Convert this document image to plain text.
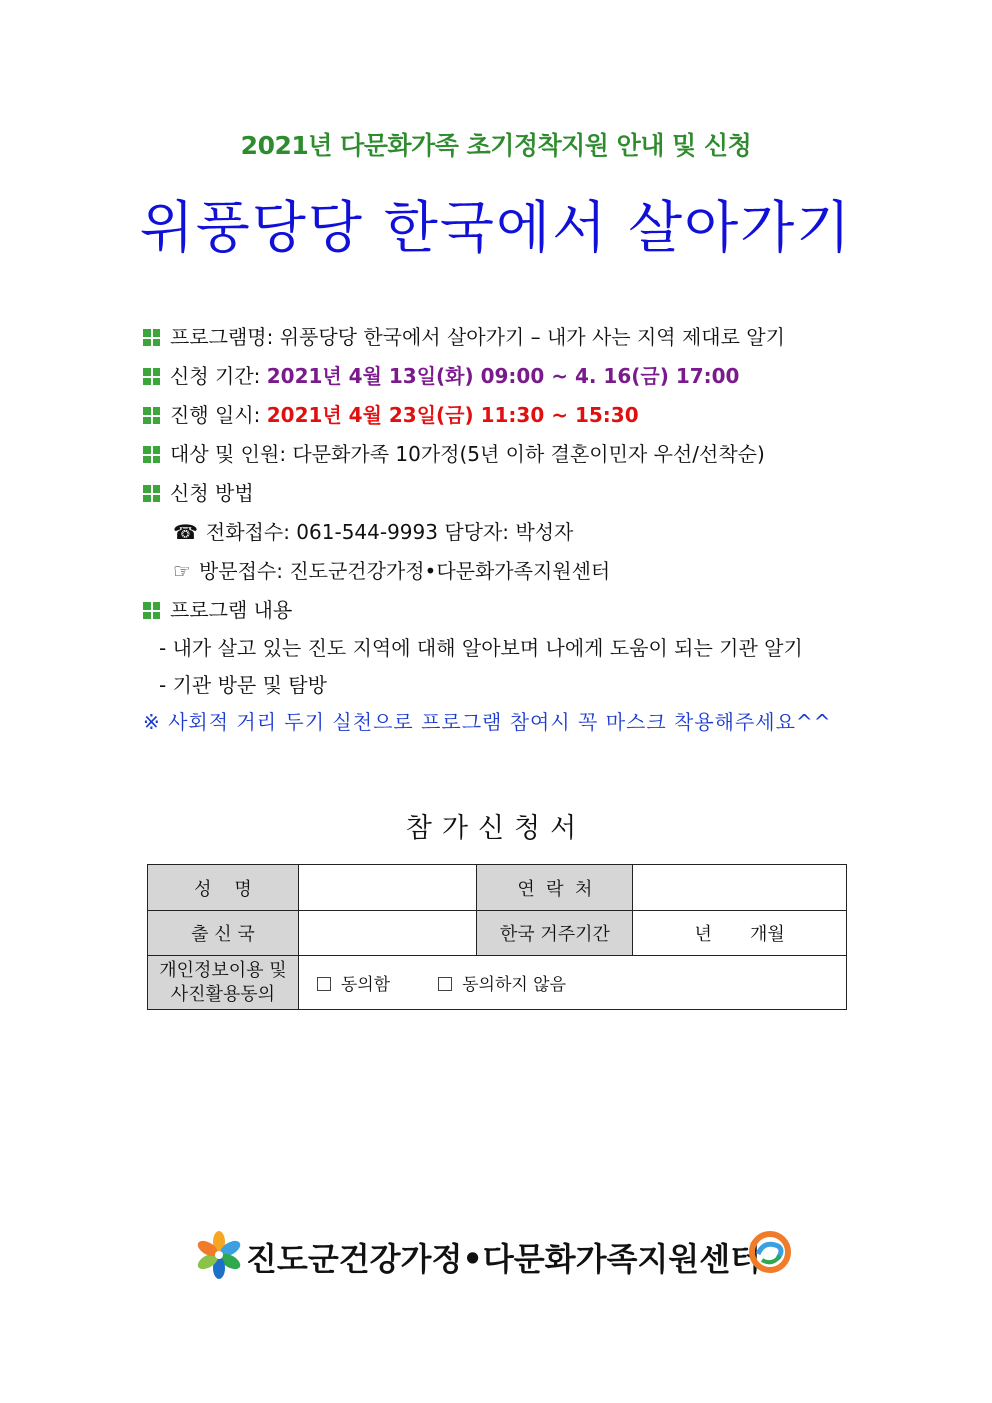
2021년 다문화가족 초기정착지원 안내 및 신청
위풍당당 한국에서 살아가기
프로그램명: 위풍당당 한국에서 살아가기 – 내가 사는 지역 제대로 알기
신청 기간: 2021년 4월 13일(화) 09:00 ~ 4. 16(금) 17:00
진행 일시: 2021년 4월 23일(금) 11:30 ~ 15:30
대상 및 인원: 다문화가족 10가정(5년 이하 결혼이민자 우선/선착순)
신청 방법
☎ 전화접수: 061-544-9993 담당자: 박성자
☞ 방문접수: 진도군건강가정•다문화가족지원센터
프로그램 내용
- 내가 살고 있는 진도 지역에 대해 알아보며 나에게 도움이 되는 기관 알기
- 기관 방문 및 탐방
※ 사회적 거리 두기 실천으로 프로그램 참여시 꼭 마스크 착용해주세요^^
참가신청서
성    명		연  락  처	
출 신 국		한국 거주기간	년 개월

개인정보이용 및
사진활용동의	동의함 동의하지 않음		
진도군건강가정•다문화가족지원센터
